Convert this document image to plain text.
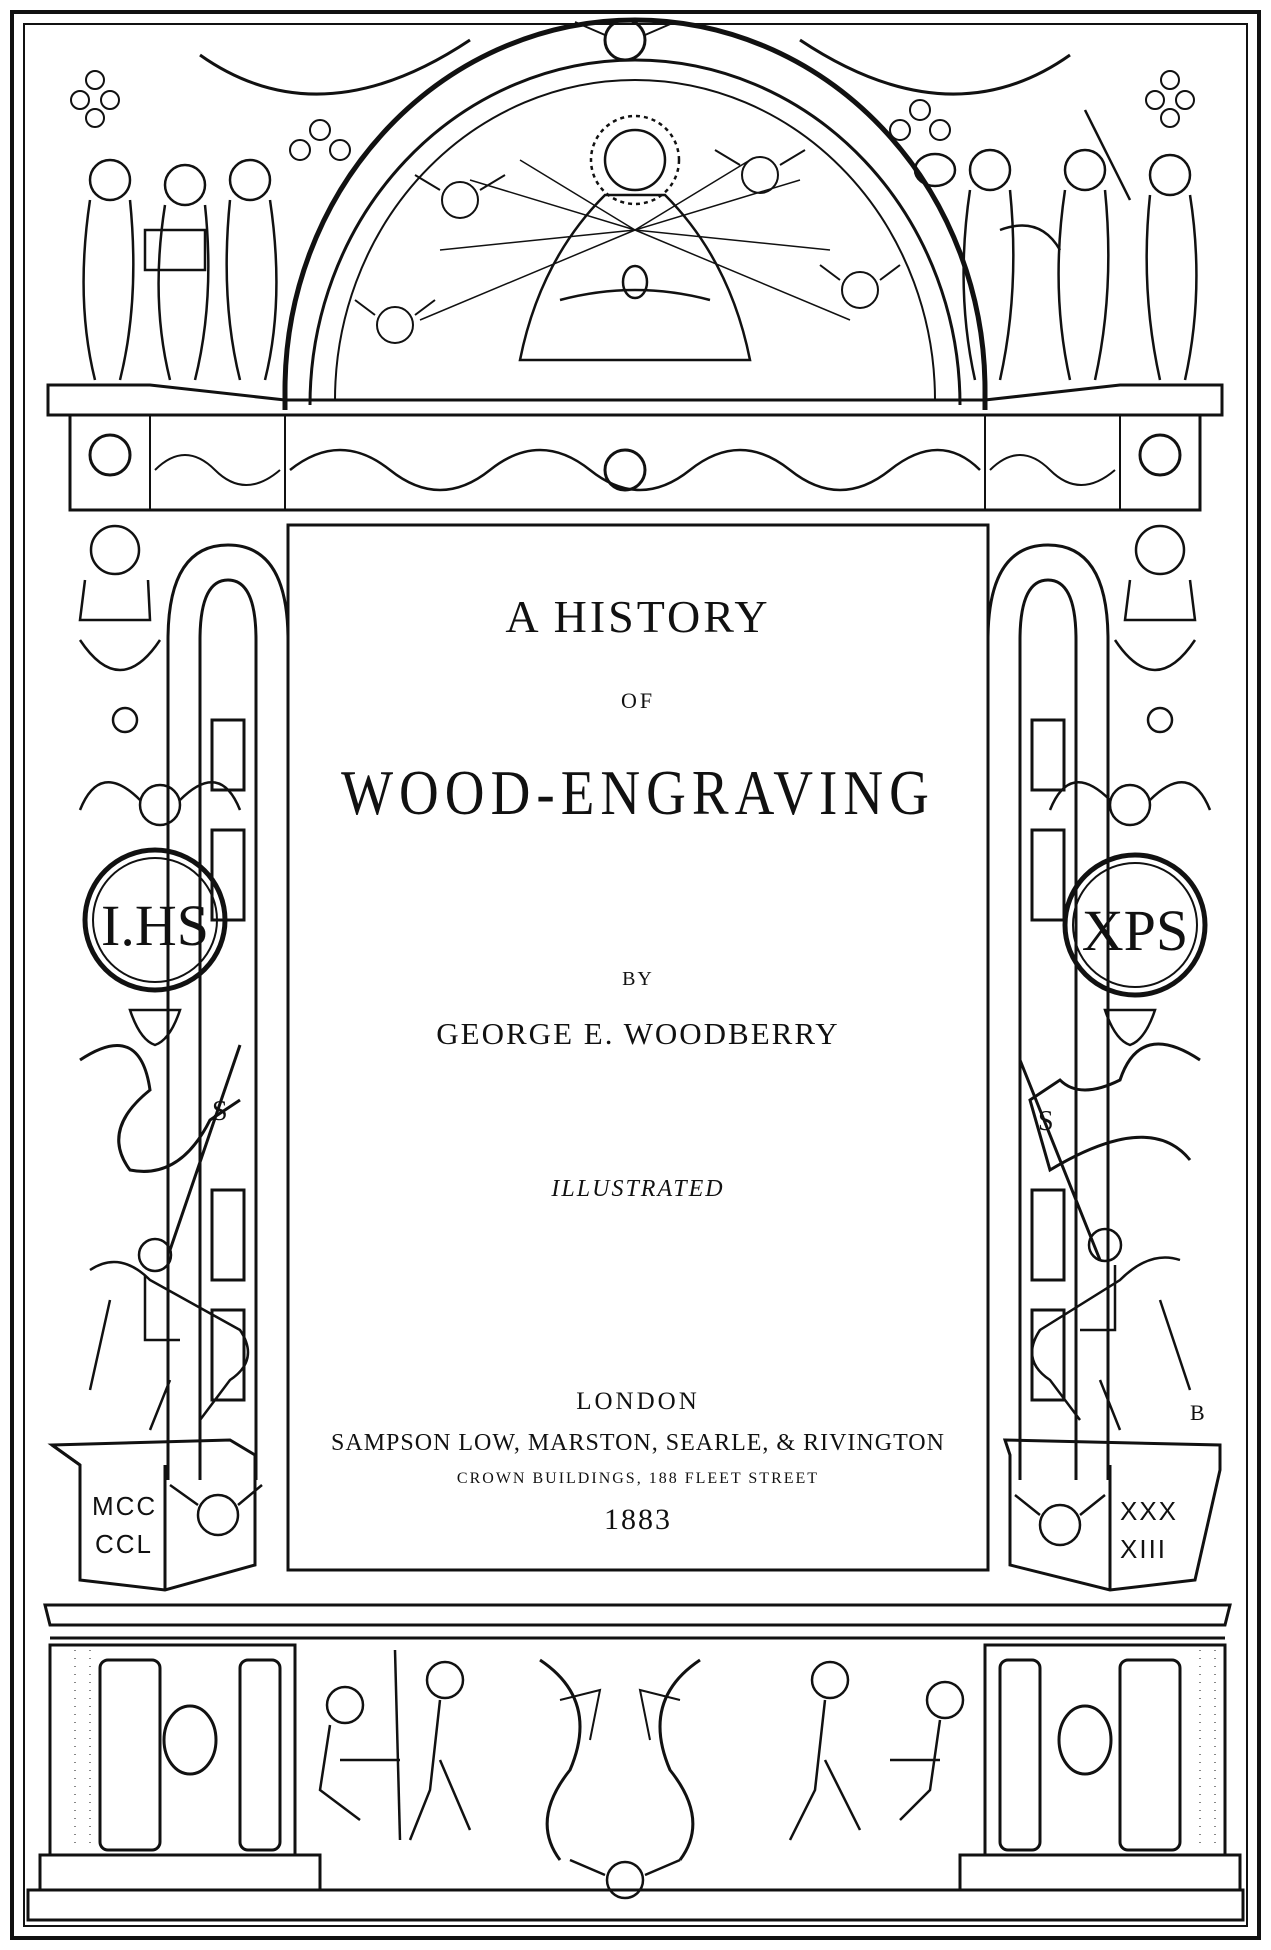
I.HS	XPS
S	S
B
MCC
CCL
XXX
XIII
A HISTORY
OF
WOOD-ENGRAVING
BY
GEORGE E. WOODBERRY
ILLUSTRATED
LONDON
SAMPSON LOW, MARSTON, SEARLE, & RIVINGTON
CROWN BUILDINGS, 188 FLEET STREET
1883
